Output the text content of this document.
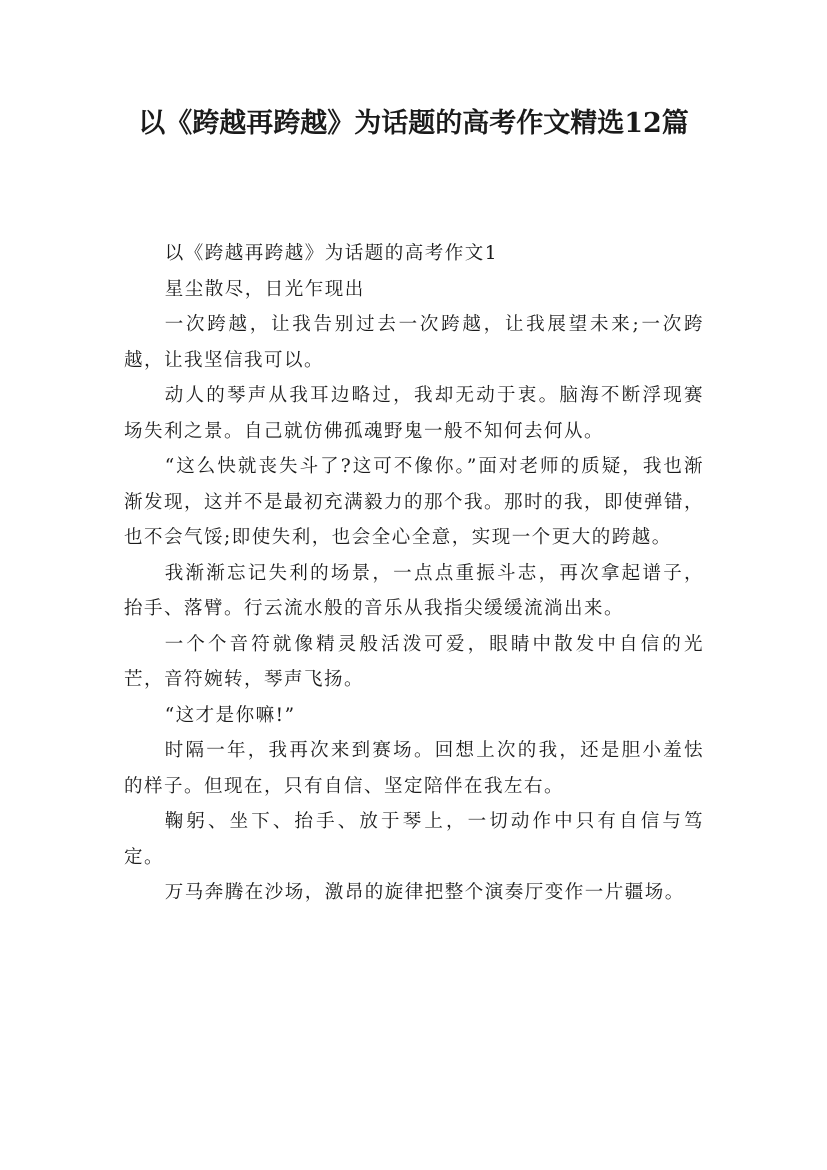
以《跨越再跨越》为话题的高考作文精选12篇

以《跨越再跨越》为话题的高考作文1

星尘散尽，日光乍现出

一次跨越，让我告别过去一次跨越，让我展望未来;一次跨越，让我坚信我可以。

动人的琴声从我耳边略过，我却无动于衷。脑海不断浮现赛场失利之景。自己就仿佛孤魂野鬼一般不知何去何从。

“这么快就丧失斗了?这可不像你。”面对老师的质疑，我也渐渐发现，这并不是最初充满毅力的那个我。那时的我，即使弹错，也不会气馁;即使失利，也会全心全意，实现一个更大的跨越。

我渐渐忘记失利的场景，一点点重振斗志，再次拿起谱子，抬手、落臂。行云流水般的音乐从我指尖缓缓流淌出来。

一个个音符就像精灵般活泼可爱，眼睛中散发中自信的光芒，音符婉转，琴声飞扬。

“这才是你嘛!”

时隔一年，我再次来到赛场。回想上次的我，还是胆小羞怯的样子。但现在，只有自信、坚定陪伴在我左右。

鞠躬、坐下、抬手、放于琴上，一切动作中只有自信与笃定。

万马奔腾在沙场，激昂的旋律把整个演奏厅变作一片疆场。
